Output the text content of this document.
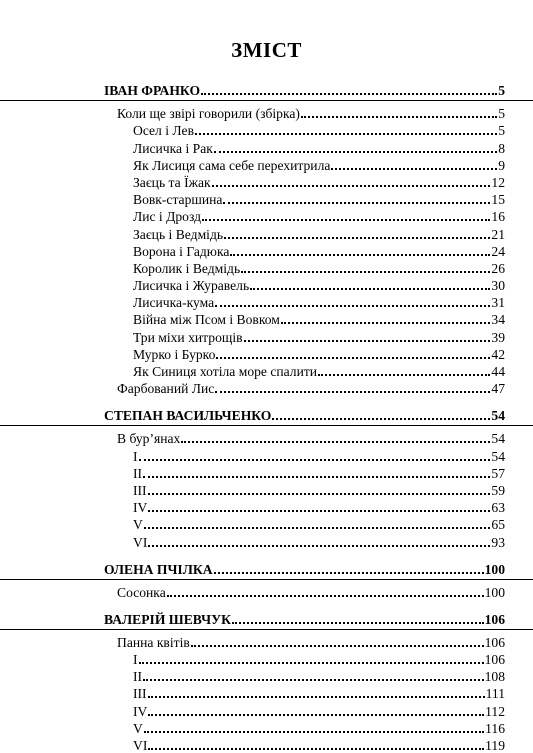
ЗМІСТ
ІВАН ФРАНКО	5
Коли ще звірі говорили (збірка)	5
Осел і Лев	5
Лисичка і Рак	8
Як Лисиця сама себе перехитрила	9
Заєць та Їжак	12
Вовк-старшина	15
Лис і Дрозд	16
Заєць і Ведмідь	21
Ворона і Гадюка	24
Королик і Ведмідь	26
Лисичка і Журавель	30
Лисичка-кума	31
Війна між Псом і Вовком	34
Три міхи хитрощів	39
Мурко і Бурко	42
Як Синиця хотіла море спалити	44
Фарбований Лис	47
СТЕПАН ВАСИЛЬЧЕНКО	54
В бур’янах	54
I	54
II	57
III	59
IV	63
V	65
VI	93
ОЛЕНА ПЧІЛКА	100
Сосонка	100
ВАЛЕРІЙ ШЕВЧУК	106
Панна квітів	106
I	106
II	108
III	111
IV	112
V	116
VI	119
